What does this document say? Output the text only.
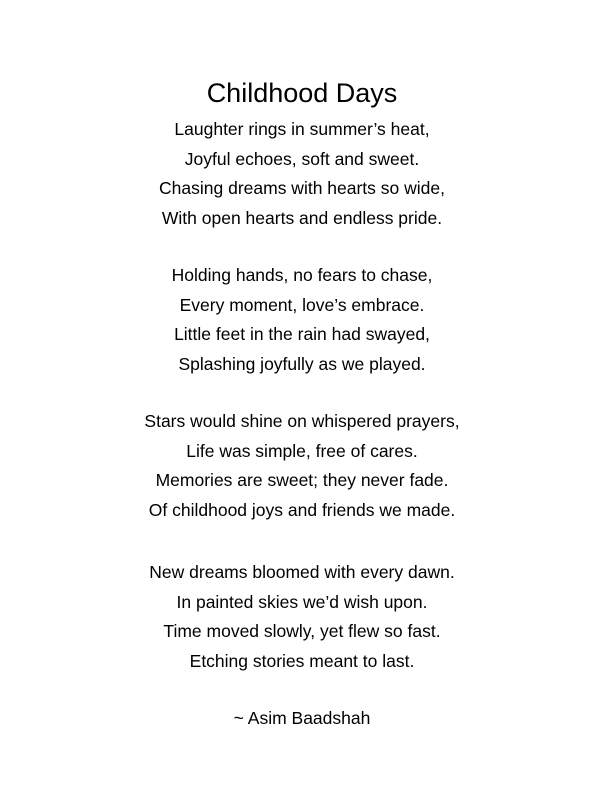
Childhood Days
Laughter rings in summer’s heat,
Joyful echoes, soft and sweet.
Chasing dreams with hearts so wide,
With open hearts and endless pride.
Holding hands, no fears to chase,
Every moment, love’s embrace.
Little feet in the rain had swayed,
Splashing joyfully as we played.
Stars would shine on whispered prayers,
Life was simple, free of cares.
Memories are sweet; they never fade.
Of childhood joys and friends we made.
New dreams bloomed with every dawn.
In painted skies we’d wish upon.
Time moved slowly, yet flew so fast.
Etching stories meant to last.
~ Asim Baadshah
